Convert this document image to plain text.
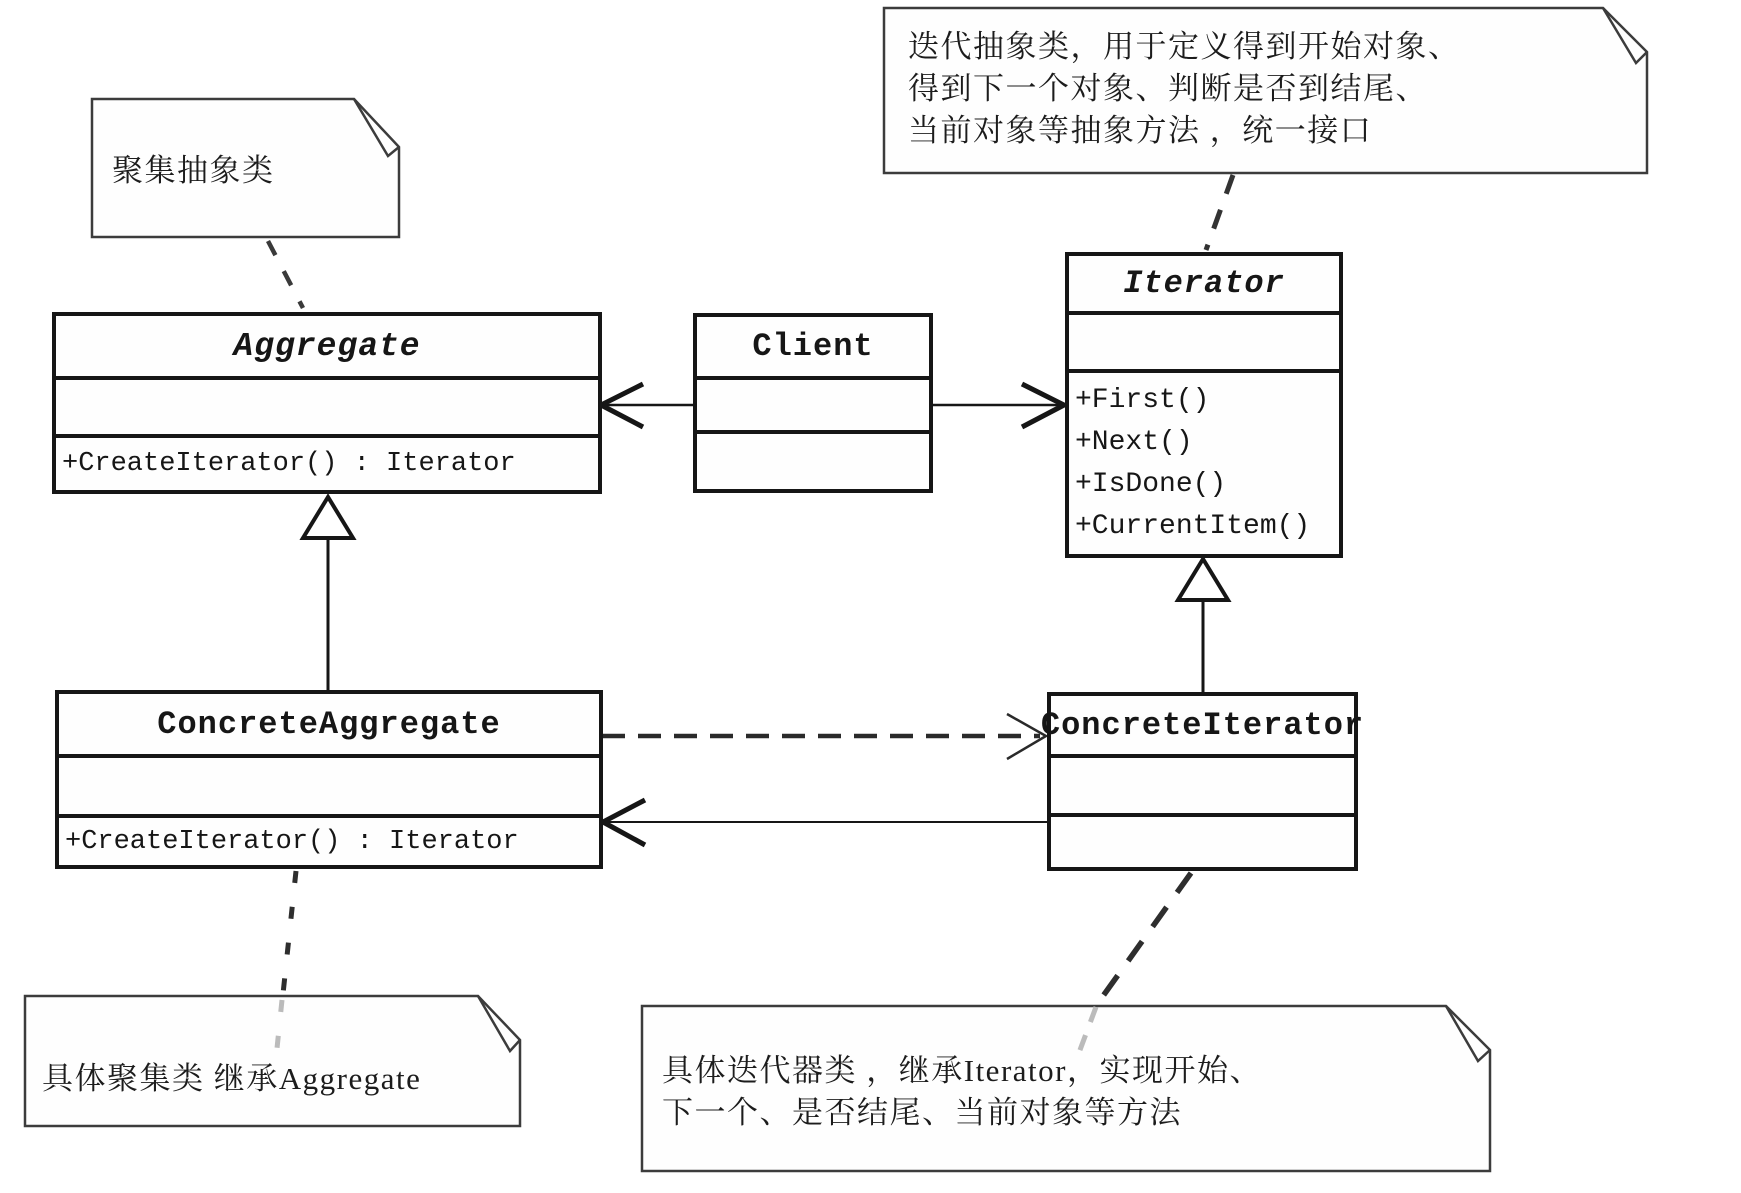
Aggregate
+CreateIterator() : Iterator
Client
Iterator
+First()
+Next()
+IsDone()
+CurrentItem()
ConcreteAggregate
+CreateIterator() : Iterator
ConcreteIterator
聚集抽象类
迭代抽象类，用于定义得到开始对象、
得到下一个对象、判断是否到结尾、
当前对象等抽象方法 ，统一接口
具体聚集类 继承Aggregate	具体迭代器类 ，继承Iterator，实现开始、
下一个、是否结尾、当前对象等方法
